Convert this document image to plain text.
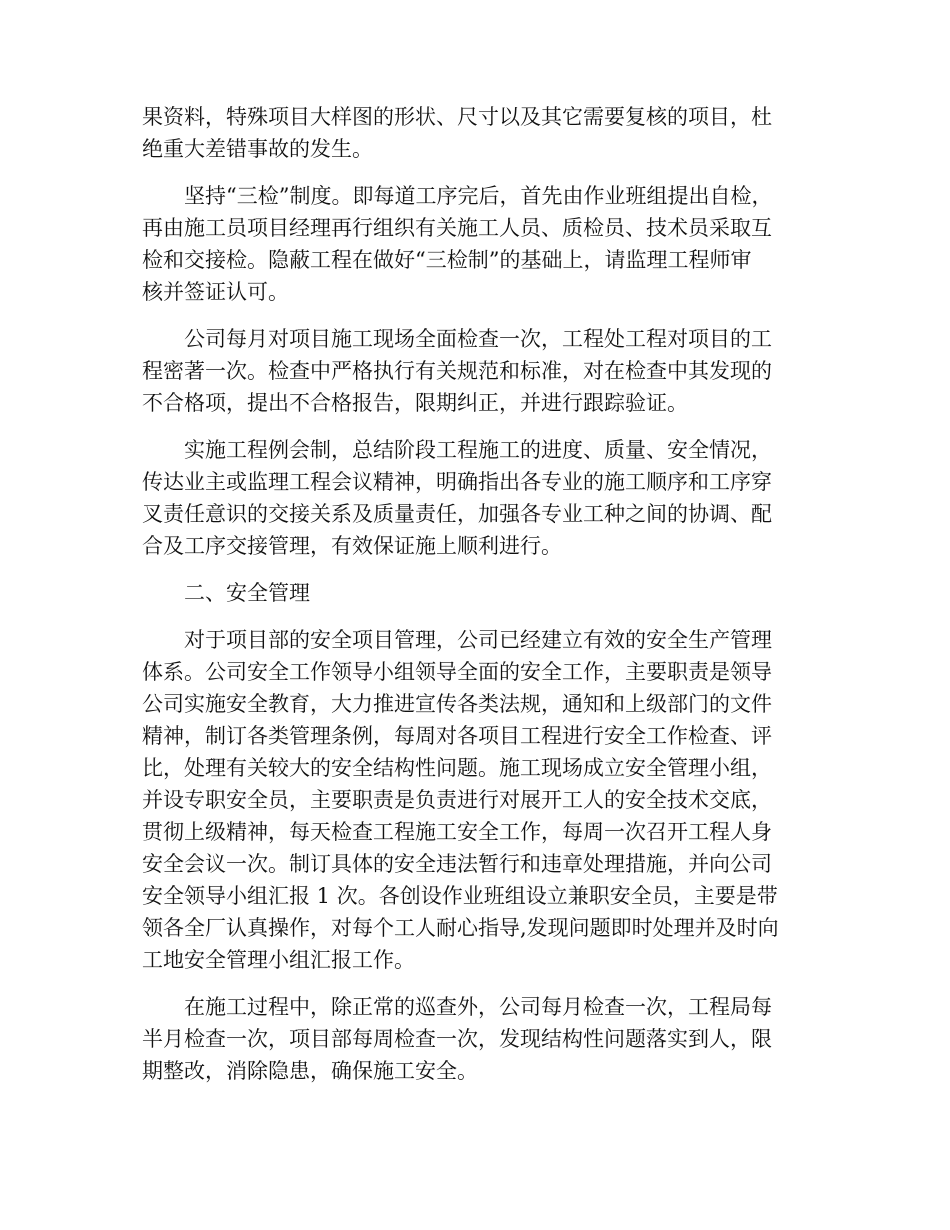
果资料，特殊项目大样图的形状、尺寸以及其它需要复核的项目，杜
绝重大差错事故的发生。
坚持“三检”制度。即每道工序完后，首先由作业班组提出自检，
再由施工员项目经理再行组织有关施工人员、质检员、技术员采取互
检和交接检。隐蔽工程在做好“三检制”的基础上，请监理工程师审
核并签证认可。
公司每月对项目施工现场全面检查一次，工程处工程对项目的工
程密著一次。检查中严格执行有关规范和标准，对在检查中其发现的
不合格项，提出不合格报告，限期纠正，并进行跟踪验证。
实施工程例会制，总结阶段工程施工的进度、质量、安全情况，
传达业主或监理工程会议精神，明确指出各专业的施工顺序和工序穿
叉责任意识的交接关系及质量责任，加强各专业工种之间的协调、配
合及工序交接管理，有效保证施上顺利进行。
二、安全管理
对于项目部的安全项目管理，公司已经建立有效的安全生产管理
体系。公司安全工作领导小组领导全面的安全工作，主要职责是领导
公司实施安全教育，大力推进宣传各类法规，通知和上级部门的文件
精神，制订各类管理条例，每周对各项目工程进行安全工作检查、评
比，处理有关较大的安全结构性问题。施工现场成立安全管理小组，
并设专职安全员，主要职责是负责进行对展开工人的安全技术交底，
贯彻上级精神，每天检查工程施工安全工作，每周一次召开工程人身
安全会议一次。制订具体的安全违法暂行和违章处理措施，并向公司
安全领导小组汇报 1 次。各创设作业班组设立兼职安全员，主要是带
领各全厂认真操作，对每个工人耐心指导,发现问题即时处理并及时向
工地安全管理小组汇报工作。
在施工过程中，除正常的巡查外，公司每月检查一次，工程局每
半月检查一次，项目部每周检查一次，发现结构性问题落实到人，限
期整改，消除隐患，确保施工安全。
